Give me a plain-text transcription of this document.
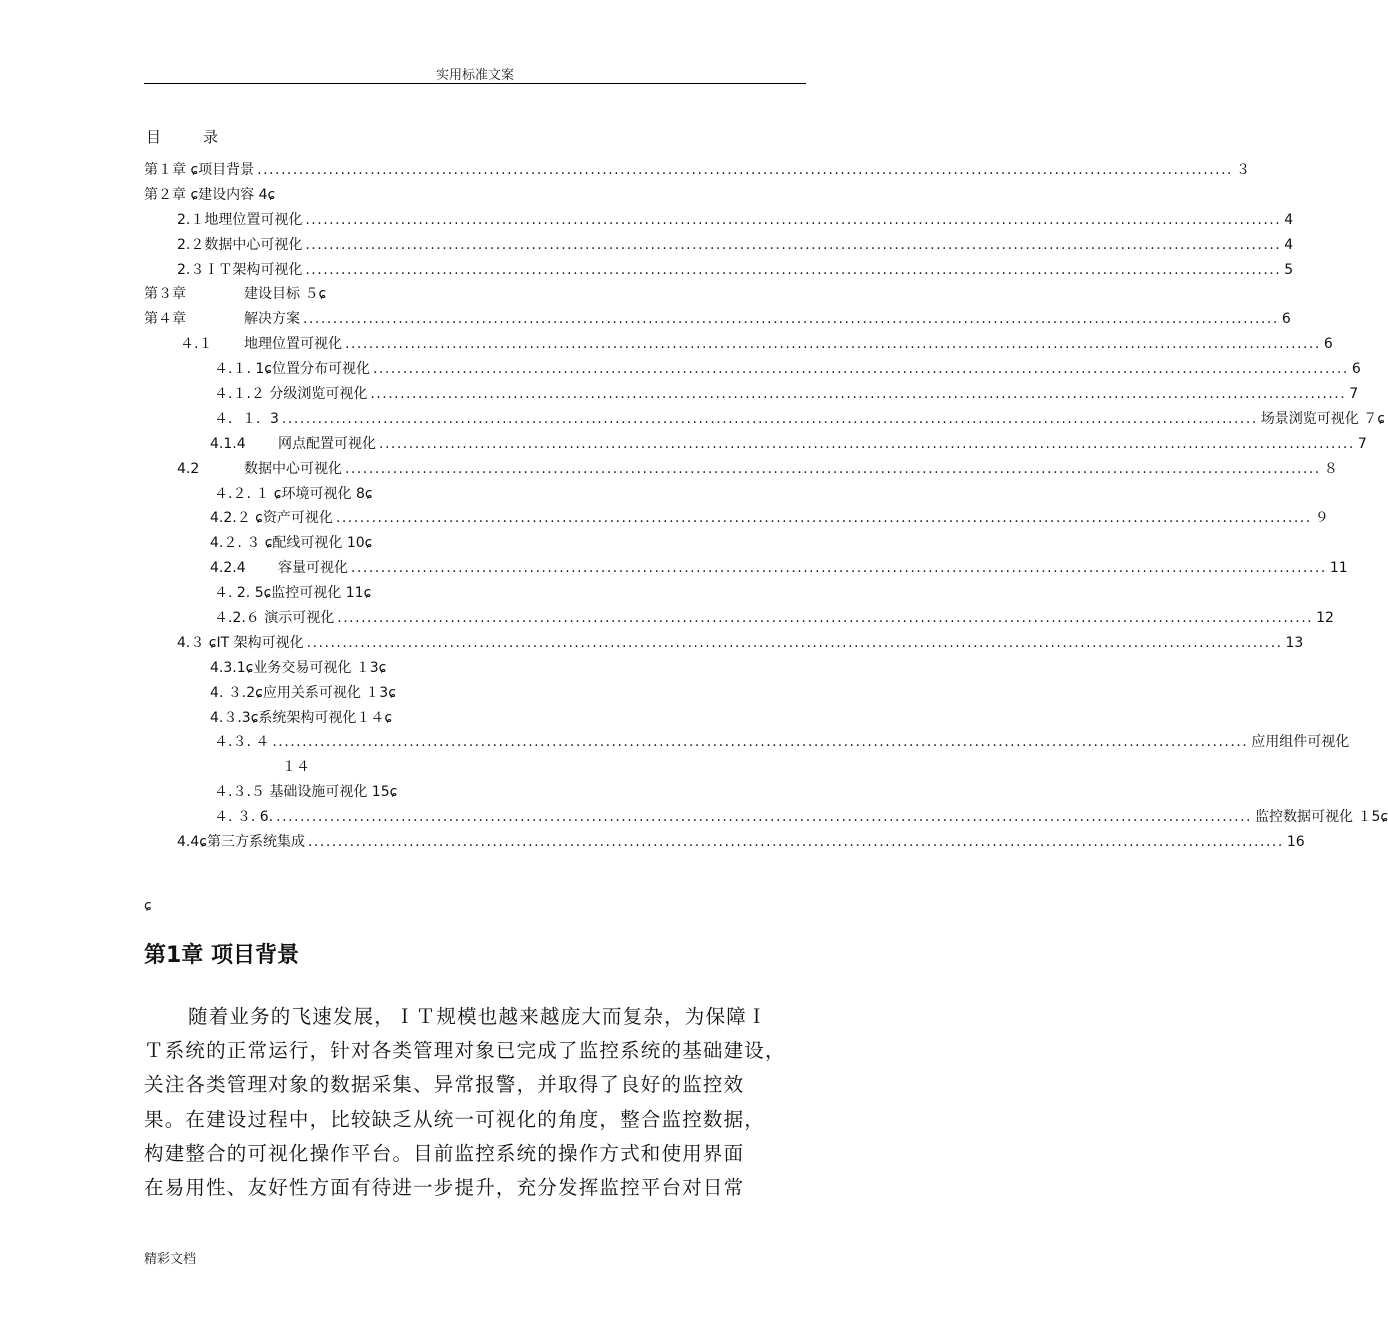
实用标准文案
目录
第１章 ɕ项目背景 .................................................................................................................................................................... ３
第２章 ɕ建设内容 4ɕ
2.１地理位置可视化 .................................................................................................................................................................... 4
2.２数据中心可视化 .................................................................................................................................................................... 4
2.３ＩＴ架构可视化 .................................................................................................................................................................... 5
第３章	建设目标 ５ɕ
第４章	解决方案 .................................................................................................................................................................... 6
４.１	地理位置可视化 .................................................................................................................................................................... 6
４.１. 1ɕ位置分布可视化 .................................................................................................................................................................... 6
４.１.２ 分级浏览可视化 .................................................................................................................................................................... 7
４．１．3 .................................................................................................................................................................... 场景浏览可视化 ７ɕ
4.1.4	网点配置可视化 .................................................................................................................................................................... 7
4.2	数据中心可视化 .................................................................................................................................................................... ８
４.２. １ ɕ环境可视化 8ɕ
4.2.２ ɕ资产可视化 .................................................................................................................................................................... ９
4.２. ３ ɕ配线可视化 10ɕ
4.2.4	容量可视化 .................................................................................................................................................................... 11
４. 2. 5ɕ监控可视化 11ɕ
４.2.６ 演示可视化 .................................................................................................................................................................... 12
4.３ ɕIT 架构可视化 .................................................................................................................................................................... 13
4.3.1ɕ业务交易可视化 １3ɕ
4. ３.2ɕ应用关系可视化 １3ɕ
4.３.3ɕ系统架构可视化１４ɕ
４.３. ４ .................................................................................................................................................................... 应用组件可视化
１４
４.３.５ 基础设施可视化 15ɕ
４. ３. 6. .................................................................................................................................................................... 监控数据可视化 １5ɕ
4.4ɕ第三方系统集成 .................................................................................................................................................................... 16
ɕ
第1章 项目背景
随着业务的飞速发展，ＩＴ规模也越来越庞大而复杂，为保障Ｉ
Ｔ系统的正常运行，针对各类管理对象已完成了监控系统的基础建设，
关注各类管理对象的数据采集、异常报警，并取得了良好的监控效
果。在建设过程中，比较缺乏从统一可视化的角度，整合监控数据，
构建整合的可视化操作平台。目前监控系统的操作方式和使用界面
在易用性、友好性方面有待进一步提升，充分发挥监控平台对日常
精彩文档
